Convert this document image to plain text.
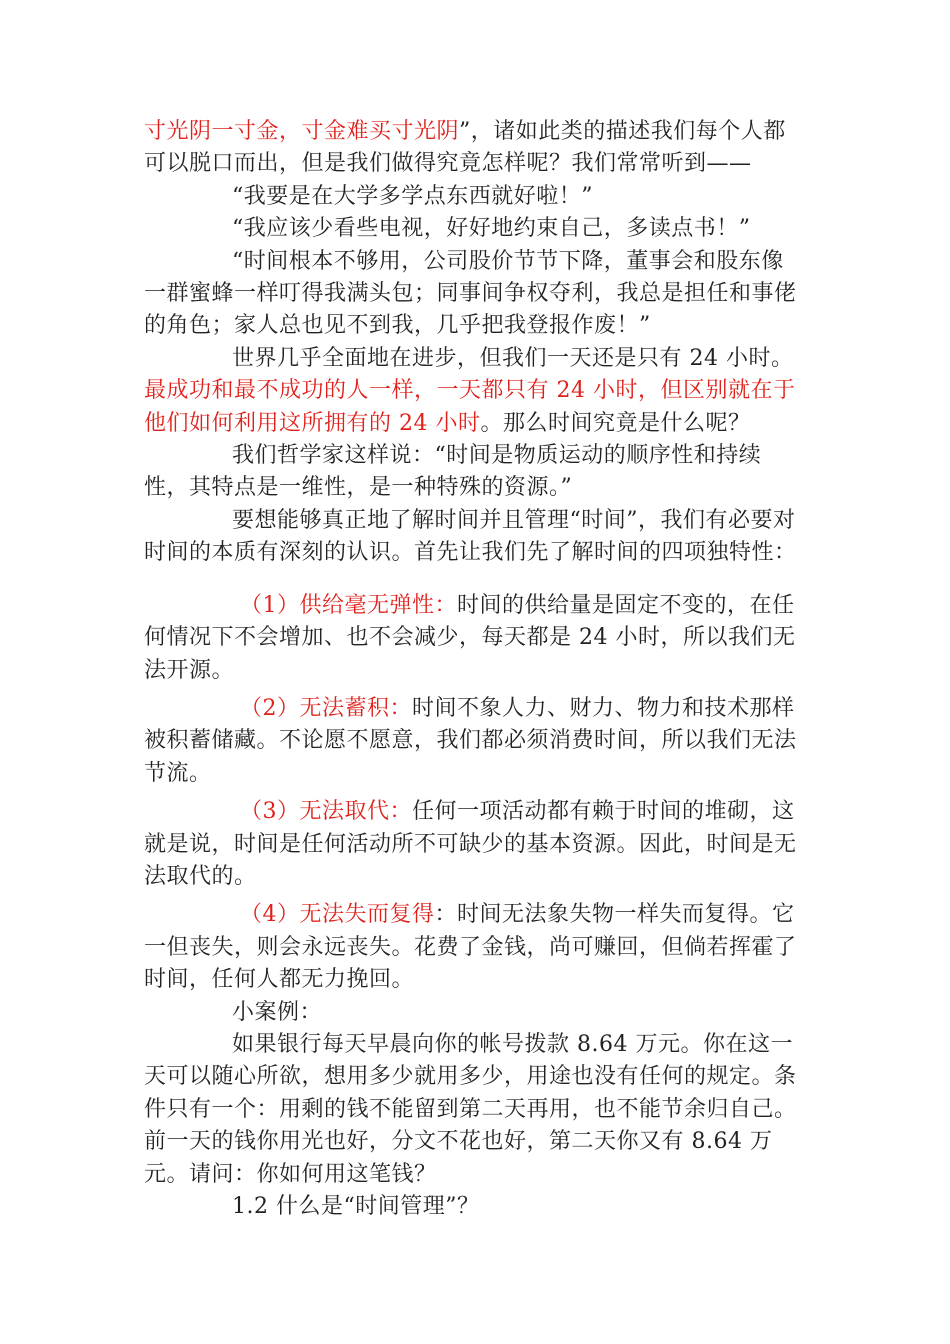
寸光阴一寸金，寸金难买寸光阴”，诸如此类的描述我们每个人都可以脱口而出，但是我们做得究竟怎样呢？我们常常听到——

“我要是在大学多学点东西就好啦！”

“我应该少看些电视，好好地约束自己，多读点书！”

“时间根本不够用，公司股价节节下降，董事会和股东像一群蜜蜂一样叮得我满头包；同事间争权夺利，我总是担任和事佬的角色；家人总也见不到我，几乎把我登报作废！”

世界几乎全面地在进步，但我们一天还是只有 24 小时。最成功和最不成功的人一样，一天都只有 24 小时，但区别就在于他们如何利用这所拥有的 24 小时。那么时间究竟是什么呢？

我们哲学家这样说：“时间是物质运动的顺序性和持续性，其特点是一维性，是一种特殊的资源。”

要想能够真正地了解时间并且管理“时间”，我们有必要对时间的本质有深刻的认识。首先让我们先了解时间的四项独特性：

（1）供给毫无弹性：时间的供给量是固定不变的，在任何情况下不会增加、也不会减少，每天都是 24 小时，所以我们无法开源。

（2）无法蓄积：时间不象人力、财力、物力和技术那样被积蓄储藏。不论愿不愿意，我们都必须消费时间，所以我们无法节流。

（3）无法取代：任何一项活动都有赖于时间的堆砌，这就是说，时间是任何活动所不可缺少的基本资源。因此，时间是无法取代的。

（4）无法失而复得：时间无法象失物一样失而复得。它一但丧失，则会永远丧失。花费了金钱，尚可赚回，但倘若挥霍了时间，任何人都无力挽回。

小案例：

如果银行每天早晨向你的帐号拨款 8.64 万元。你在这一天可以随心所欲，想用多少就用多少，用途也没有任何的规定。条件只有一个：用剩的钱不能留到第二天再用，也不能节余归自己。前一天的钱你用光也好，分文不花也好，第二天你又有 8.64 万元。请问：你如何用这笔钱？

1.2 什么是“时间管理”？
